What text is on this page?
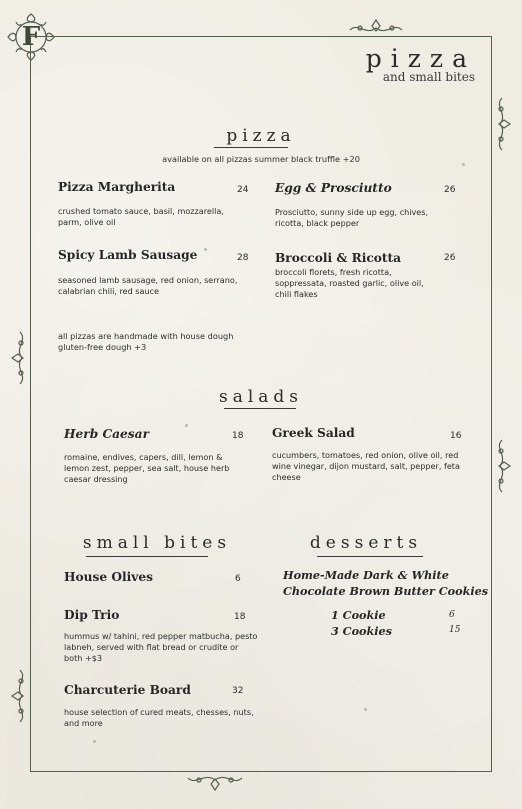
F
pizza
and small bites
pizza
available on all pizzas summer black truffle +20
Pizza Margherita	24
crushed tomato sauce, basil, mozzarella, parm, olive oil
Egg & Prosciutto	26
Prosciutto, sunny side up egg, chives, ricotta, black pepper
Spicy Lamb Sausage	28
seasoned lamb sausage, red onion, serrano, calabrian chili, red sauce
Broccoli & Ricotta	26
broccoli florets, fresh ricotta, soppressata, roasted garlic, olive oil, chili flakes
all pizzas are handmade with house dough
gluten-free dough +3
salads
Herb Caesar	18
romaine, endives, capers, dill, lemon & lemon zest, pepper, sea salt, house herb caesar dressing
Greek Salad	16
cucumbers, tomatoes, red onion, olive oil, red wine vinegar, dijon mustard, salt, pepper, feta cheese
small bites
House Olives	6
Dip Trio	18
hummus w/ tahini, red pepper matbucha, pesto labneh, served with flat bread or crudite or both +$3
Charcuterie Board	32
house selection of cured meats, chesses, nuts, and more
desserts
Home-Made Dark & White
Chocolate Brown Butter Cookies
1 Cookie	6
3 Cookies	15
